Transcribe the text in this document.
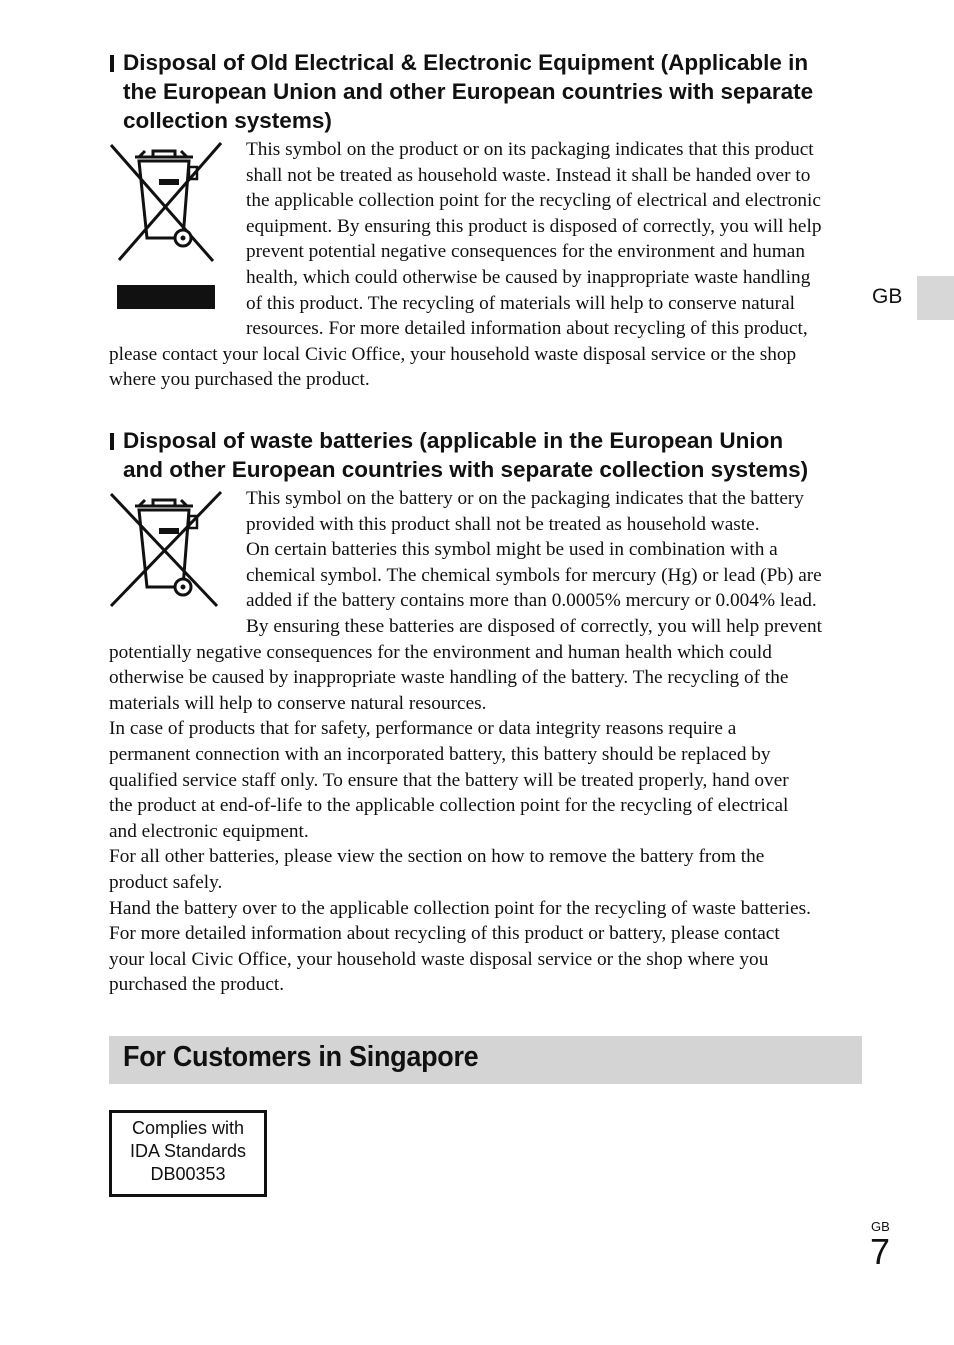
Disposal of Old Electrical & Electronic Equipment (Applicable in
the European Union and other European countries with separate
collection systems)
This symbol on the product or on its packaging indicates that this product
shall not be treated as household waste. Instead it shall be handed over to
the applicable collection point for the recycling of electrical and electronic
equipment. By ensuring this product is disposed of correctly, you will help
prevent potential negative consequences for the environment and human
health, which could otherwise be caused by inappropriate waste handling
of this product. The recycling of materials will help to conserve natural
resources. For more detailed information about recycling of this product,
please contact your local Civic Office, your household waste disposal service or the shop
where you purchased the product.
Disposal of waste batteries (applicable in the European Union
and other European countries with separate collection systems)
This symbol on the battery or on the packaging indicates that the battery
provided with this product shall not be treated as household waste.
On certain batteries this symbol might be used in combination with a
chemical symbol. The chemical symbols for mercury (Hg) or lead (Pb) are
added if the battery contains more than 0.0005% mercury or 0.004% lead.
By ensuring these batteries are disposed of correctly, you will help prevent
potentially negative consequences for the environment and human health which could
otherwise be caused by inappropriate waste handling of the battery. The recycling of the
materials will help to conserve natural resources.
In case of products that for safety, performance or data integrity reasons require a
permanent connection with an incorporated battery, this battery should be replaced by
qualified service staff only. To ensure that the battery will be treated properly, hand over
the product at end-of-life to the applicable collection point for the recycling of electrical
and electronic equipment.
For all other batteries, please view the section on how to remove the battery from the
product safely.
Hand the battery over to the applicable collection point for the recycling of waste batteries.
For more detailed information about recycling of this product or battery, please contact
your local Civic Office, your household waste disposal service or the shop where you
purchased the product.
GB
For Customers in Singapore
Complies with
IDA Standards
DB00353
GB
7
